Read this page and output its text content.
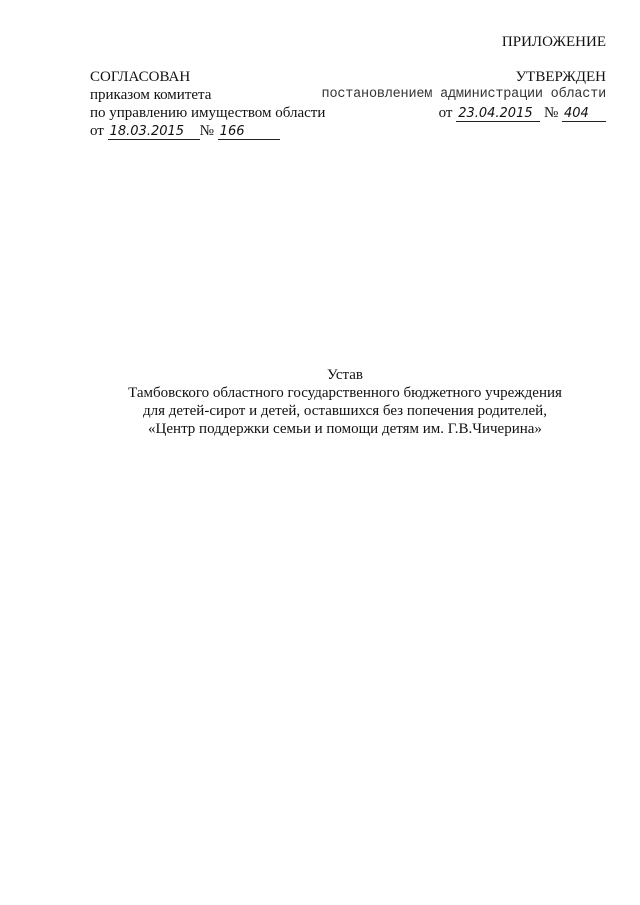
ПРИЛОЖЕНИЕ
СОГЛАСОВАН
приказом комитета
по управлению имуществом области
от 18.03.2015 № 166
УТВЕРЖДЕН
постановлением администрации области
от 23.04.2015 № 404
Устав
Тамбовского областного государственного бюджетного учреждения
для детей-сирот и детей, оставшихся без попечения родителей,
«Центр поддержки семьи и помощи детям им. Г.В.Чичерина»
